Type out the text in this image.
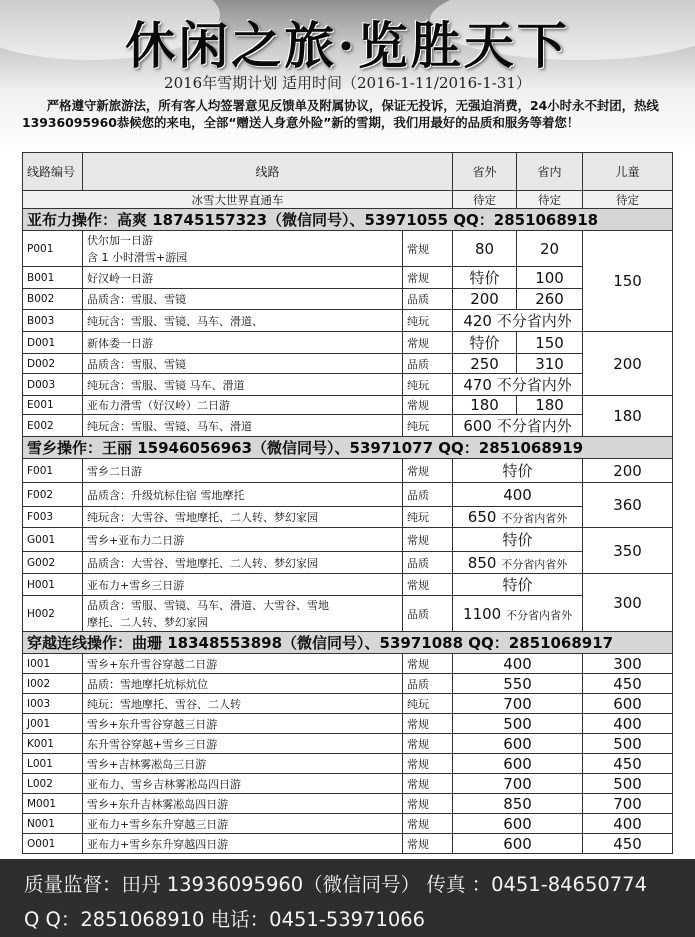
休闲之旅·览胜天下
2016年雪期计划 适用时间（2016-1-11/2016-1-31）
严格遵守新旅游法，所有客人均签署意见反馈单及附属协议，保证无投诉，无强迫消费，24小时永不封团，热线13936095960恭候您的来电，全部“赠送人身意外险”新的雪期，我们用最好的品质和服务等着您！
线路编号	线路		省外	省内	儿童
冰雪大世界直通车			待定	待定	待定
亚布力操作：高爽 18745157323（微信同号）、53971055 QQ：2851068918					
P001	伏尔加一日游
含 1 小时滑雪+游园	常规	80	20	150
B001	好汉岭一日游	常规	特价	100	
B002	品质含：雪服、雪镜	品质	200	260	
B003	纯玩含：雪服、雪镜、马车、滑道、	纯玩	420 不分省内外		
D001	新体委一日游	常规	特价	150	200
D002	品质含：雪服、雪镜	品质	250	310	
D003	纯玩含：雪服、雪镜 马车、滑道	纯玩	470 不分省内外		
E001	亚布力滑雪（好汉岭）二日游	常规	180	180	180
E002	纯玩含：雪服、雪镜、马车、滑道	纯玩	600 不分省内外		
雪乡操作：王丽 15946056963（微信同号）、53971077 QQ：2851068919					
F001	雪乡二日游	常规	特价		200
F002	品质含：升级炕标住宿 雪地摩托	品质	400		360
F003	纯玩含：大雪谷、雪地摩托、二人转、梦幻家园	纯玩	650 不分省内省外		
G001	雪乡+亚布力二日游	常规	特价		350
G002	品质含：大雪谷、雪地摩托、二人转、梦幻家园	品质	850 不分省内省外		
H001	亚布力+雪乡三日游	常规	特价		300
H002	品质含：雪服、雪镜、马车、滑道、大雪谷、雪地
摩托、二人转、梦幻家园	品质	1100 不分省内省外		
穿越连线操作：曲珊 18348553898（微信同号）、53971088 QQ：2851068917					
I001	雪乡+东升雪谷穿越二日游	常规	400		300
I002	品质：雪地摩托炕标炕位	品质	550		450
I003	纯玩：雪地摩托、雪谷、二人转	纯玩	700		600
J001	雪乡+东升雪谷穿越三日游	常规	500		400
K001	东升雪谷穿越+雪乡三日游	常规	600		500
L001	雪乡+吉林雾凇岛三日游	常规	600		450
L002	亚布力、雪乡吉林雾凇岛四日游	常规	700		500
M001	雪乡+东升吉林雾凇岛四日游	常规	850		700
N001	亚布力+雪乡东升穿越三日游	常规	600		400
O001	亚布力+雪乡东升穿越四日游	常规	600		450
质量监督：田丹 13936095960（微信同号） 传真 ：0451-84650774
Q Q：2851068910 电话：0451-53971066
